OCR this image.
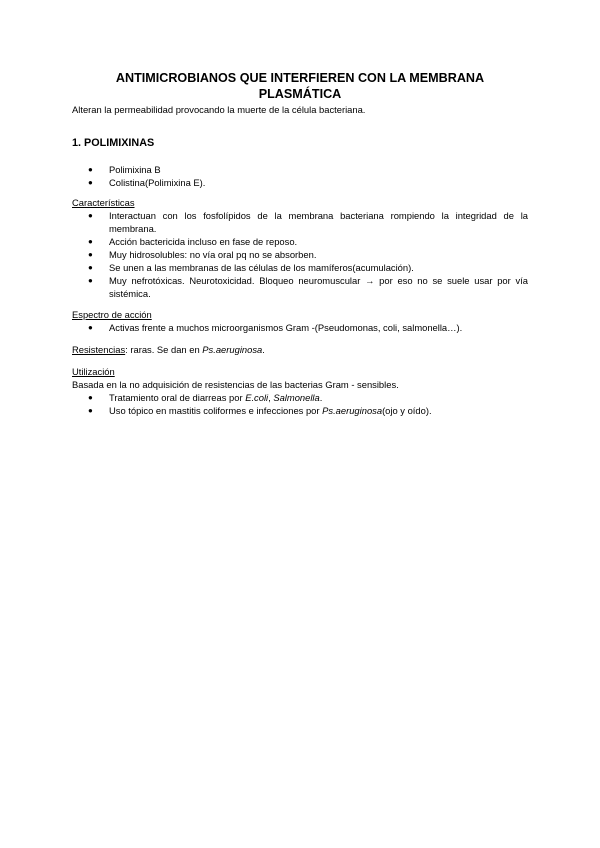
ANTIMICROBIANOS QUE INTERFIEREN CON LA MEMBRANA
PLASMÁTICA

Alteran la permeabilidad provocando la muerte de la célula bacteriana.

1. POLIMIXINAS
● Polimixina B
● Colistina(Polimixina E).
Características
● Interactuan con los fosfolípidos de la membrana bacteriana rompiendo la integridad de la membrana.
● Acción bactericida incluso en fase de reposo.
● Muy hidrosolubles: no vía oral pq no se absorben.
● Se unen a las membranas de las células de los mamíferos(acumulación).
● Muy nefrotóxicas. Neurotoxicidad. Bloqueo neuromuscular → por eso no se suele usar por vía sistémica.
Espectro de acción
● Activas frente a muchos microorganismos Gram -(Pseudomonas, coli, salmonella…).

Resistencias: raras. Se dan en Ps.aeruginosa.

Utilización

Basada en la no adquisición de resistencias de las bacterias Gram - sensibles.

● Tratamiento oral de diarreas por E.coli, Salmonella.
● Uso tópico en mastitis coliformes e infecciones por Ps.aeruginosa(ojo y oído).
